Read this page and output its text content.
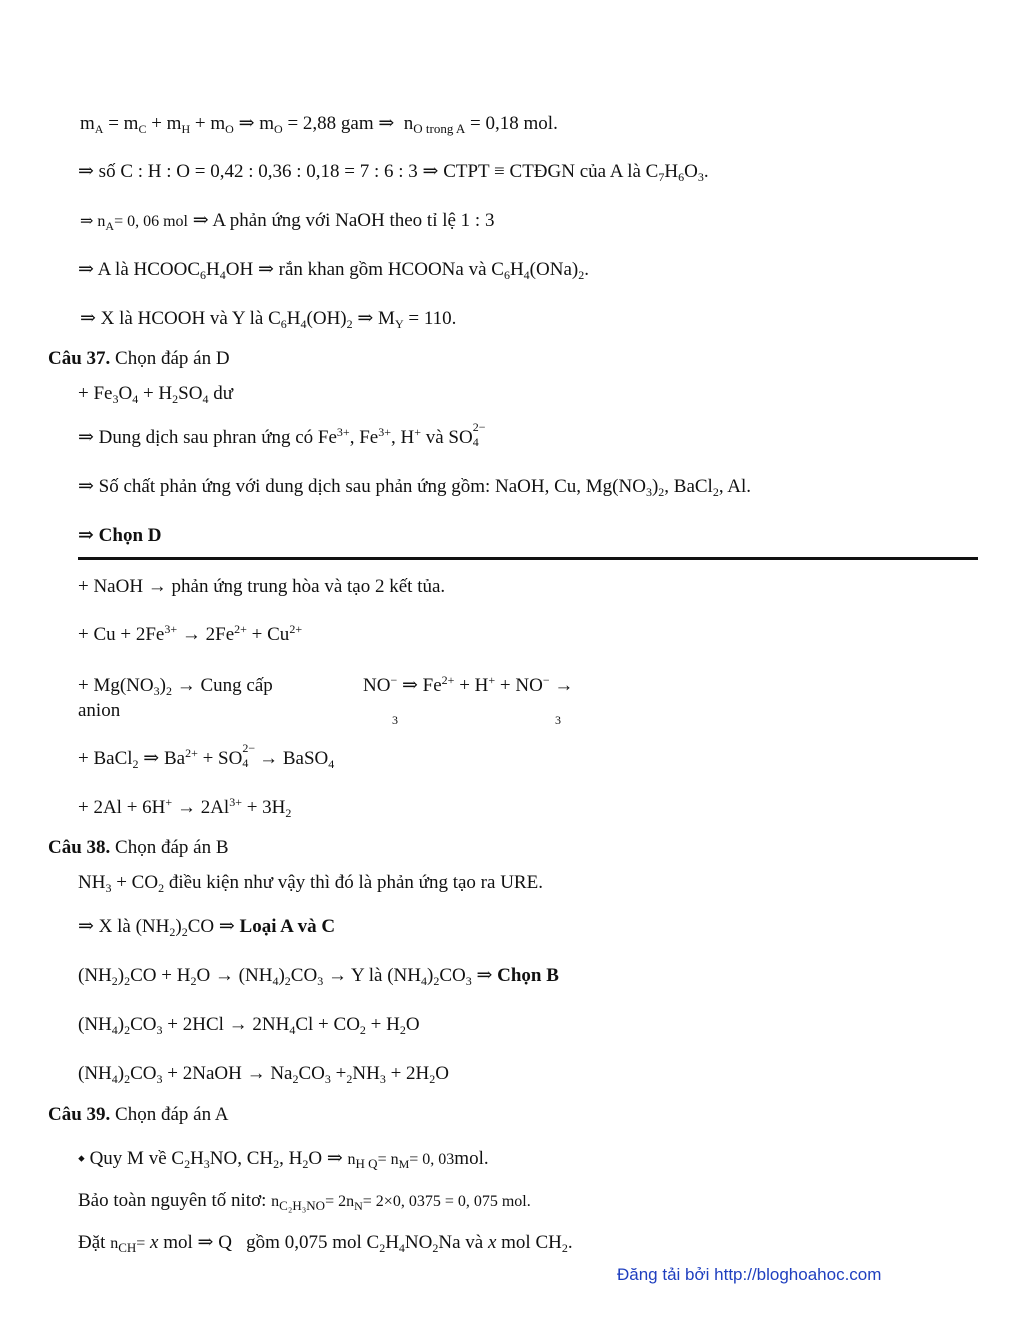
$m_A = m_C + m_H + m_O$ ⇒ $m_O = 2,88$ gam ⇒ $n_{O trong A} = 0,18$ mol.
⇒ số C : H : O = 0,42 : 0,36 : 0,18 = 7 : 6 : 3 ⇒ CTPT ≡ CTĐGN của A là $C_7H_6O_3$.
⇒ $n_A= 0$, 06 mol ⇒ A phản ứng với NaOH theo tỉ lệ 1 : 3
⇒ A là $HCOOC_6H_4OH$ ⇒ rắn khan gồm HCOONa và $C_6H_4(ONa)_2$.
⇒ X là HCOOH và Y là $C_6H_4(OH)_2$ ⇒ $M_Y = 110$.
Câu 37. Chọn đáp án D
+ $Fe_3O_4 + H_2SO_4$ dư
⇒ Dung dịch sau phran ứng có $Fe^{3+}$, $Fe^{3+}$, H+ và SO 2−
4
⇒ Số chất phản ứng với dung dịch sau phản ứng gồm: NaOH, Cu, $Mg(NO_3)_2$, BaCl$_2$, Al.
⇒ Chọn D
+ NaOH → phản ứng trung hòa và tạo 2 kết tủa.
+ $Cu + 2Fe^{3+} \to 2Fe^{2+} + Cu^{2+}$
+ $Mg(NO_3)_2$ → Cung cấp
anion
NO− ⇒ $Fe^{2+} + H^+ + NO^-$ →
3	3
+ BaCl$_2$ ⇒ $Ba^{2+}$ + SO 2−
4 → BaSO$_4$
+ $2Al + 6H^+ \to 2Al^{3+} + 3H_2$
Câu 38. Chọn đáp án B
$NH_3 + CO_2$ điều kiện như vậy thì đó là phản ứng tạo ra URE.
⇒ X là $(NH_2)_2CO$ ⇒ Loại A và C
$(NH_2)_2CO + H_2O \to (NH_4)_2CO_3 \to Y$ là $(NH_4)_2CO_3$ ⇒ Chọn B
$(NH_4)_2CO_3 + 2HCl \to 2NH_4Cl + CO_2 + H_2O$
$(NH_4)_2CO_3$ + 2NaOH → $Na_2CO_3 +_2NH_3 + 2H_2O$
Câu 39. Chọn đáp án A
⬩ Quy M về $C_2H_3NO$, $CH_2$, $H_2O$ ⇒ $n_{H Q}= n_M= 0$, 03mol.
Bảo toàn nguyên tố nitơ: $n_{C_2H_3NO}= 2n_N= 2\times 0$, 0375 = 0, 075 mol.
Đặt $n_{CH}= x$ mol ⇒ Q gồm 0,075 mol $C_2H_4NO_2Na$ và x mol $CH_2$.
Đăng tải bởi http://bloghoahoc.com
